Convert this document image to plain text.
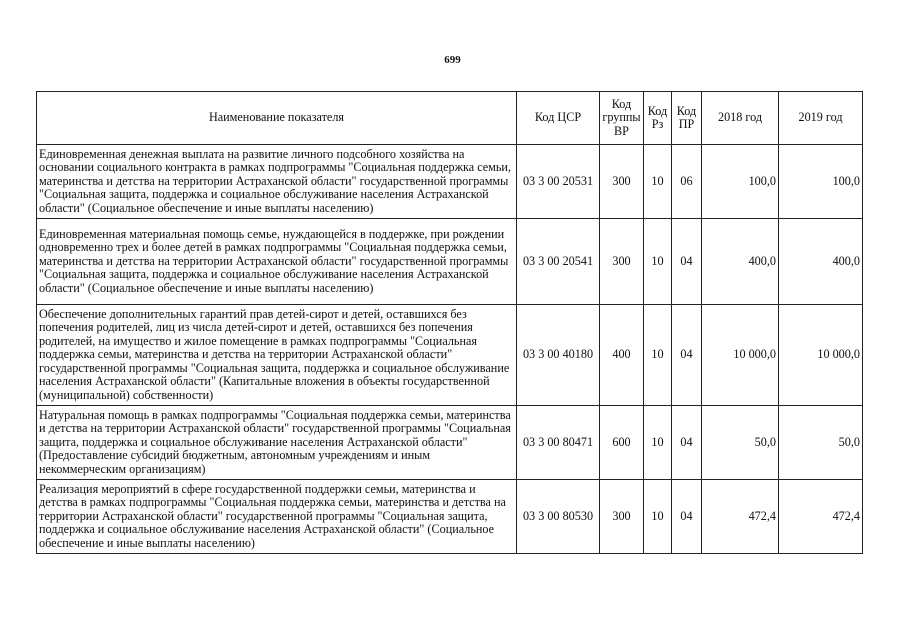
699
Наименование показателя	Код ЦСР	Код группы ВР	Код Рз	Код ПР	2018 год	2019 год
Единовременная денежная выплата на развитие личного подсобного хозяйства на основании социального контракта в рамках подпрограммы "Социальная поддержка семьи, материнства и детства на территории Астраханской области" государственной программы "Социальная защита, поддержка и социальное обслуживание населения Астраханской области" (Социальное обеспечение и иные выплаты населению)	03 3 00 20531	300	10	06	100,0	100,0
Единовременная материальная помощь семье, нуждающейся в поддержке, при рождении одновременно трех и более детей в рамках подпрограммы "Социальная поддержка семьи, материнства и детства на территории Астраханской области" государственной программы "Социальная защита, поддержка и социальное обслуживание населения Астраханской области" (Социальное обеспечение и иные выплаты населению)	03 3 00 20541	300	10	04	400,0	400,0
Обеспечение дополнительных гарантий прав детей-сирот и детей, оставшихся без попечения родителей, лиц из числа детей-сирот и детей, оставшихся без попечения родителей, на имущество и жилое помещение в рамках подпрограммы "Социальная поддержка семьи, материнства и детства на территории Астраханской области" государственной программы "Социальная защита, поддержка и социальное обслуживание населения Астраханской области" (Капитальные вложения в объекты государственной (муниципальной) собственности)	03 3 00 40180	400	10	04	10 000,0	10 000,0
Натуральная помощь в рамках подпрограммы "Социальная поддержка семьи, материнства и детства на территории Астраханской области" государственной программы "Социальная защита, поддержка и социальное обслуживание населения Астраханской области" (Предоставление субсидий бюджетным, автономным учреждениям и иным некоммерческим организациям)	03 3 00 80471	600	10	04	50,0	50,0
Реализация мероприятий в сфере государственной поддержки семьи, материнства и детства в рамках подпрограммы "Социальная поддержка семьи, материнства и детства на территории Астраханской области" государственной программы "Социальная защита, поддержка и социальное обслуживание населения Астраханской области" (Социальное обеспечение и иные выплаты населению)	03 3 00 80530	300	10	04	472,4	472,4
